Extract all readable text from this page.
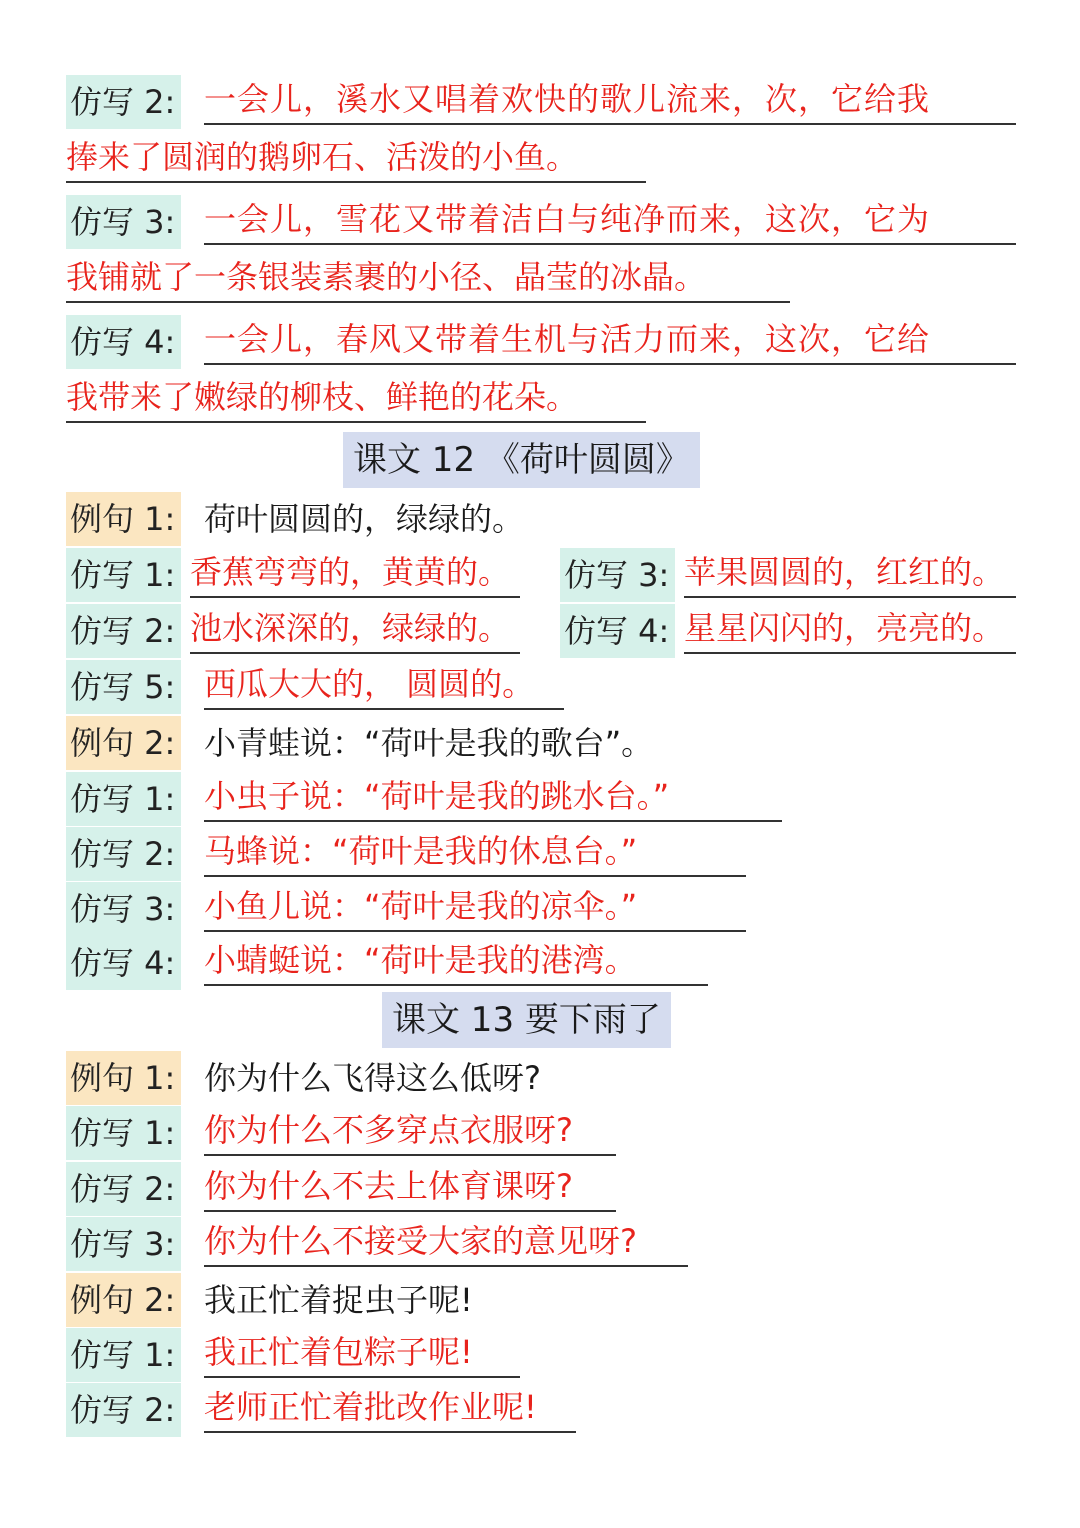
仿写 2: 一会儿，溪水又唱着欢快的歌儿流来，次，它给我
捧来了圆润的鹅卵石、活泼的小鱼。
仿写 3: 一会儿，雪花又带着洁白与纯净而来，这次，它为
我铺就了一条银装素裹的小径、晶莹的冰晶。
仿写 4: 一会儿，春风又带着生机与活力而来，这次，它给
我带来了嫩绿的柳枝、鲜艳的花朵。
课文 12 《荷叶圆圆》
例句 1: 荷叶圆圆的，绿绿的。
仿写 1: 香蕉弯弯的，黄黄的。	仿写 3: 苹果圆圆的，红红的。
仿写 2: 池水深深的，绿绿的。	仿写 4: 星星闪闪的，亮亮的。
仿写 5: 西瓜大大的， 圆圆的。
例句 2: 小青蛙说：“荷叶是我的歌台”。
仿写 1: 小虫子说：“荷叶是我的跳水台。”
仿写 2: 马蜂说：“荷叶是我的休息台。”
仿写 3: 小鱼儿说：“荷叶是我的凉伞。”
仿写 4: 小蜻蜓说：“荷叶是我的港湾。
课文 13 要下雨了
例句 1: 你为什么飞得这么低呀?
仿写 1: 你为什么不多穿点衣服呀?
仿写 2: 你为什么不去上体育课呀?
仿写 3: 你为什么不接受大家的意见呀?
例句 2: 我正忙着捉虫子呢!
仿写 1: 我正忙着包粽子呢!
仿写 2: 老师正忙着批改作业呢!
